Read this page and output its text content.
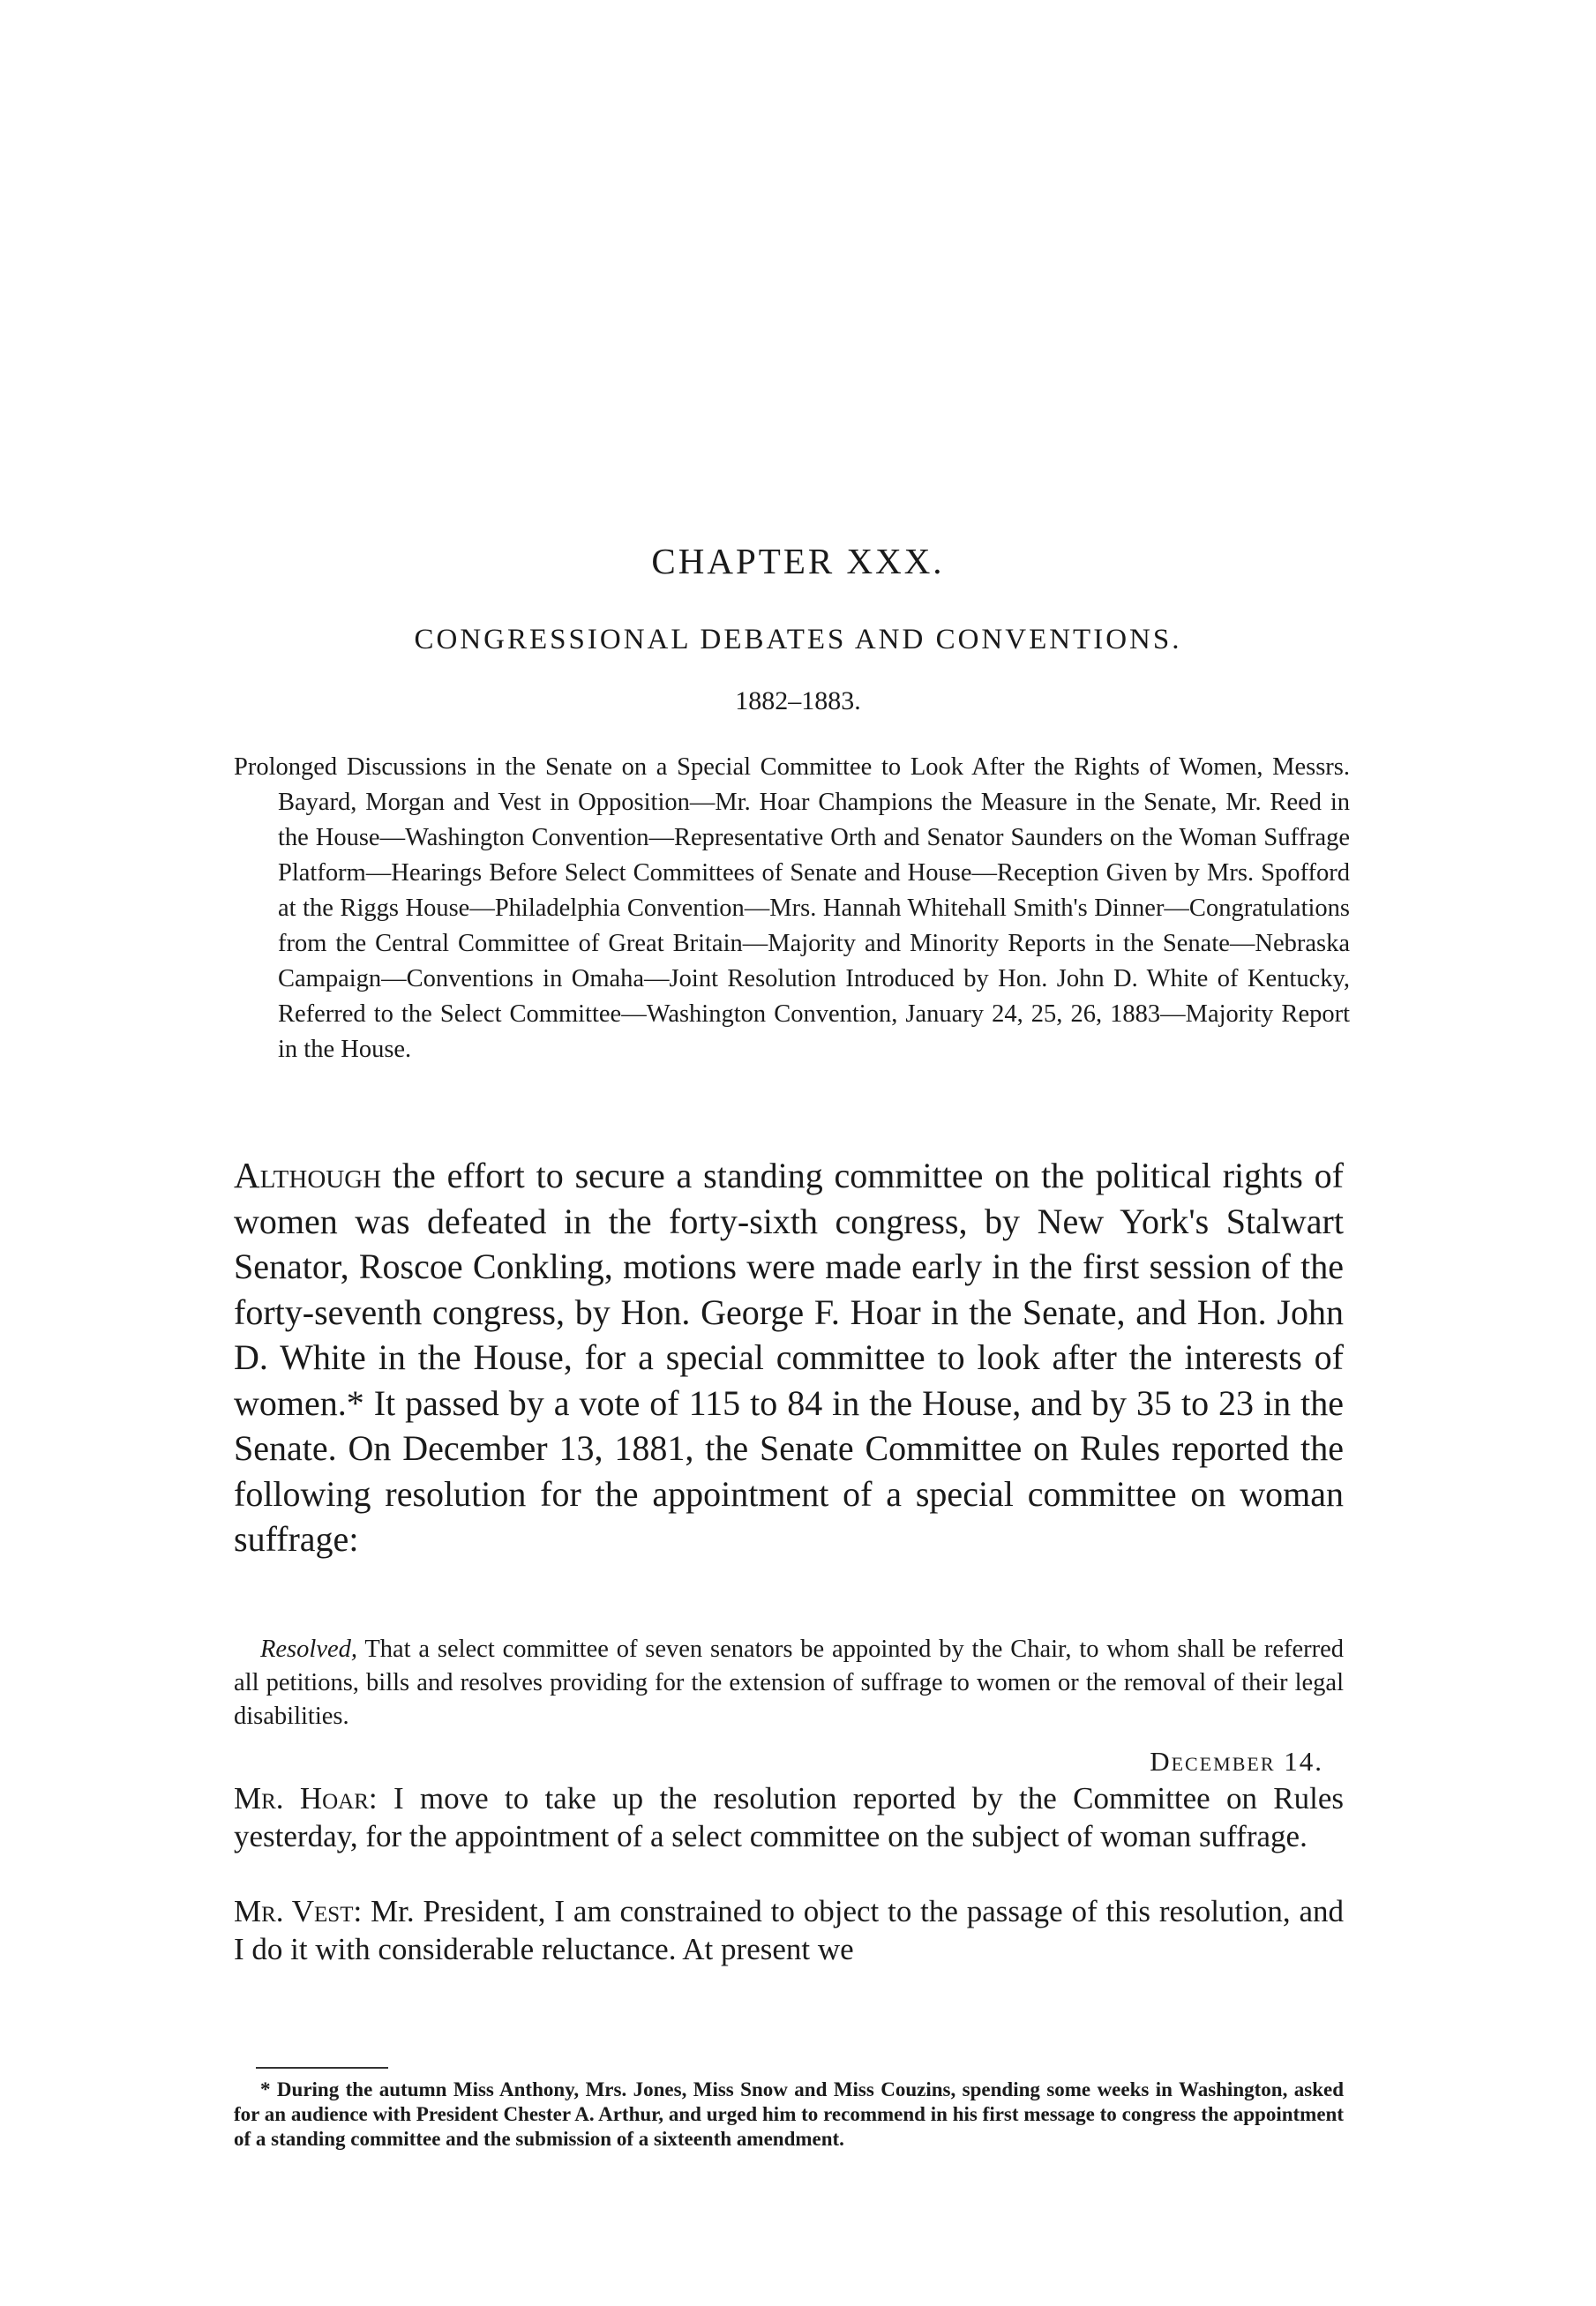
CHAPTER XXX.
CONGRESSIONAL DEBATES AND CONVENTIONS.
1882–1883.

Prolonged Discussions in the Senate on a Special Committee to Look After the Rights of Women, Messrs. Bayard, Morgan and Vest in Opposition—Mr. Hoar Champions the Measure in the Senate, Mr. Reed in the House—Washington Convention—Representative Orth and Senator Saunders on the Woman Suffrage Platform—Hearings Before Select Committees of Senate and House—Reception Given by Mrs. Spofford at the Riggs House—Philadelphia Convention—Mrs. Hannah Whitehall Smith's Dinner—Congratulations from the Central Committee of Great Britain—Majority and Minority Reports in the Senate—Nebraska Campaign—Conventions in Omaha—Joint Resolution Introduced by Hon. John D. White of Kentucky, Referred to the Select Committee—Washington Convention, January 24, 25, 26, 1883—Majority Report in the House.

Although the effort to secure a standing committee on the political rights of women was defeated in the forty-sixth congress, by New York's Stalwart Senator, Roscoe Conkling, motions were made early in the first session of the forty-seventh congress, by Hon. George F. Hoar in the Senate, and Hon. John D. White in the House, for a special committee to look after the interests of women.* It passed by a vote of 115 to 84 in the House, and by 35 to 23 in the Senate. On December 13, 1881, the Senate Committee on Rules reported the following resolution for the appointment of a special committee on woman suffrage:

Resolved, That a select committee of seven senators be appointed by the Chair, to whom shall be referred all petitions, bills and resolves providing for the extension of suffrage to women or the removal of their legal disabilities.

December 14.

Mr. Hoar: I move to take up the resolution reported by the Committee on Rules yesterday, for the appointment of a select committee on the subject of woman suffrage.

Mr. Vest: Mr. President, I am constrained to object to the passage of this resolution, and I do it with considerable reluctance. At present we

* During the autumn Miss Anthony, Mrs. Jones, Miss Snow and Miss Couzins, spending some weeks in Washington, asked for an audience with President Chester A. Arthur, and urged him to recommend in his first message to congress the appointment of a standing committee and the submission of a sixteenth amendment.
